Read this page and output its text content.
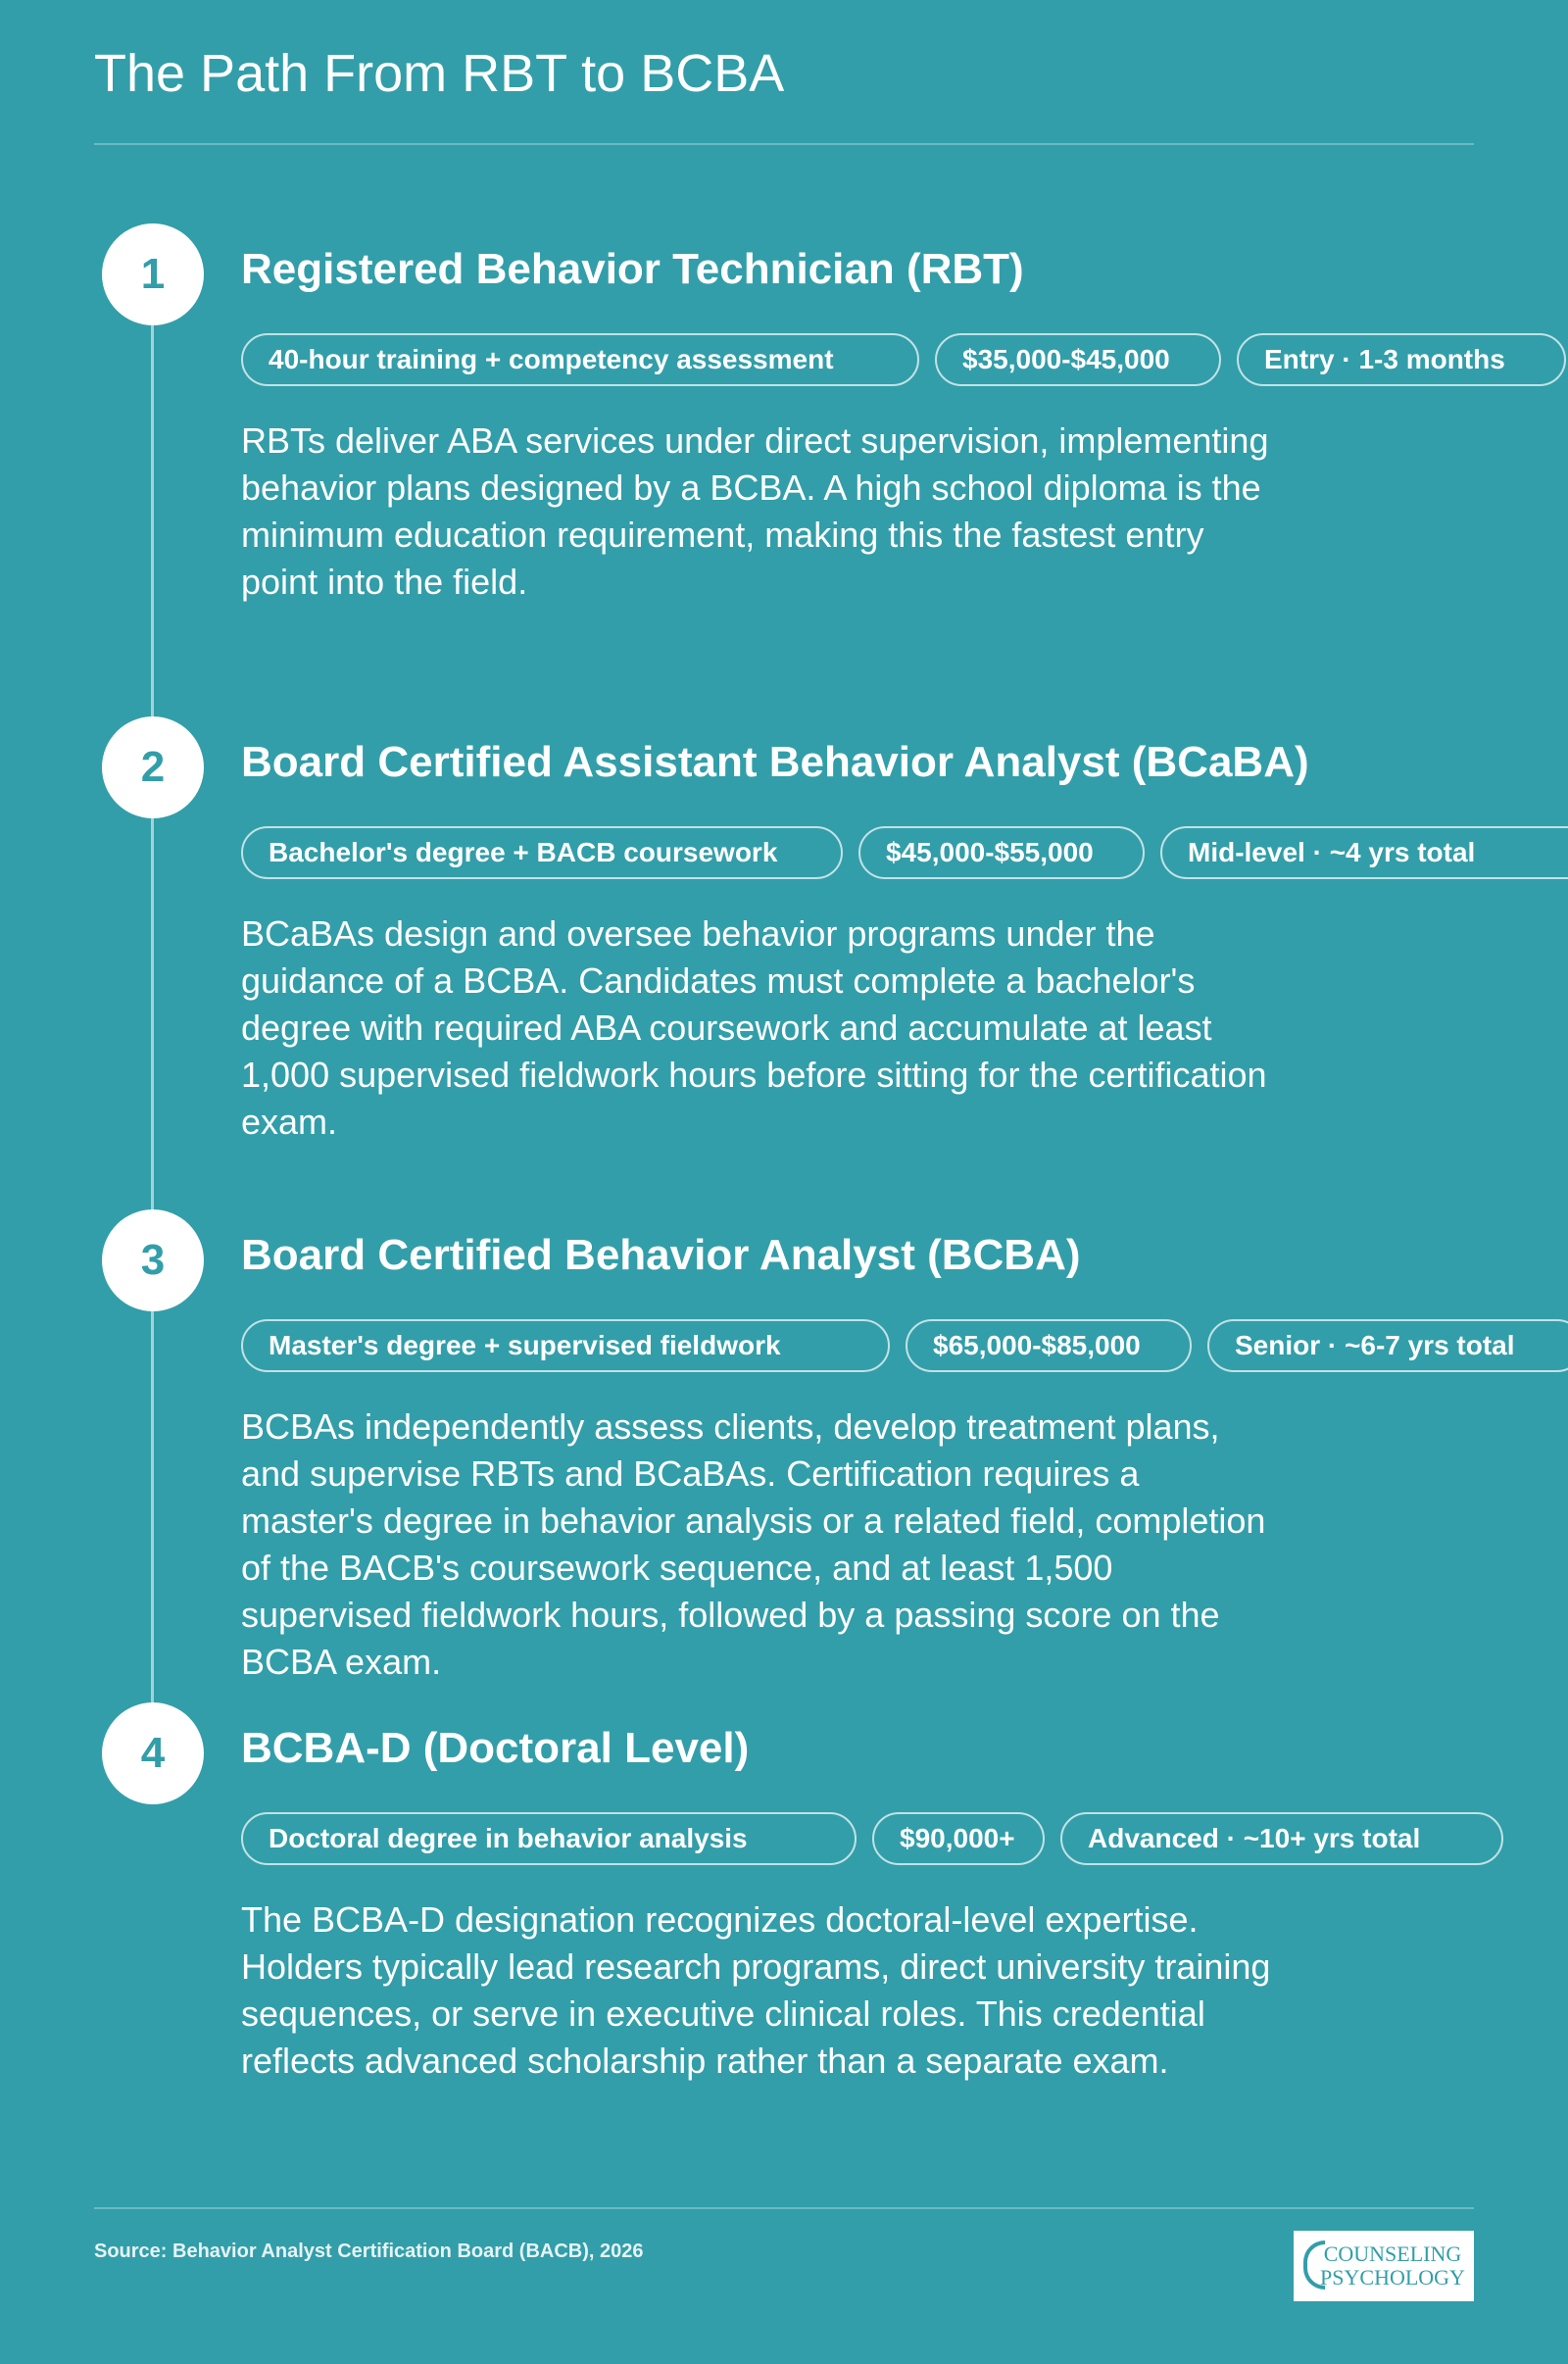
The Path From RBT to BCBA
1	Registered Behavior Technician (RBT)
40-hour training + competency assessment	$35,000-$45,000	Entry · 1-3 months

RBTs deliver ABA services under direct supervision, implementing behavior plans designed by a BCBA. A high school diploma is the minimum education requirement, making this the fastest entry point into the field.

2	Board Certified Assistant Behavior Analyst (BCaBA)
Bachelor's degree + BACB coursework	$45,000-$55,000	Mid-level · ~4 yrs total

BCaBAs design and oversee behavior programs under the guidance of a BCBA. Candidates must complete a bachelor's degree with required ABA coursework and accumulate at least 1,000 supervised fieldwork hours before sitting for the certification exam.

3	Board Certified Behavior Analyst (BCBA)
Master's degree + supervised fieldwork	$65,000-$85,000	Senior · ~6-7 yrs total

BCBAs independently assess clients, develop treatment plans, and supervise RBTs and BCaBAs. Certification requires a master's degree in behavior analysis or a related field, completion of the BACB's coursework sequence, and at least 1,500 supervised fieldwork hours, followed by a passing score on the BCBA exam.

4	BCBA-D (Doctoral Level)
Doctoral degree in behavior analysis	$90,000+	Advanced · ~10+ yrs total

The BCBA-D designation recognizes doctoral-level expertise. Holders typically lead research programs, direct university training sequences, or serve in executive clinical roles. This credential reflects advanced scholarship rather than a separate exam.

Source: Behavior Analyst Certification Board (BACB), 2026	COUNSELING
PSYCHOLOGY
